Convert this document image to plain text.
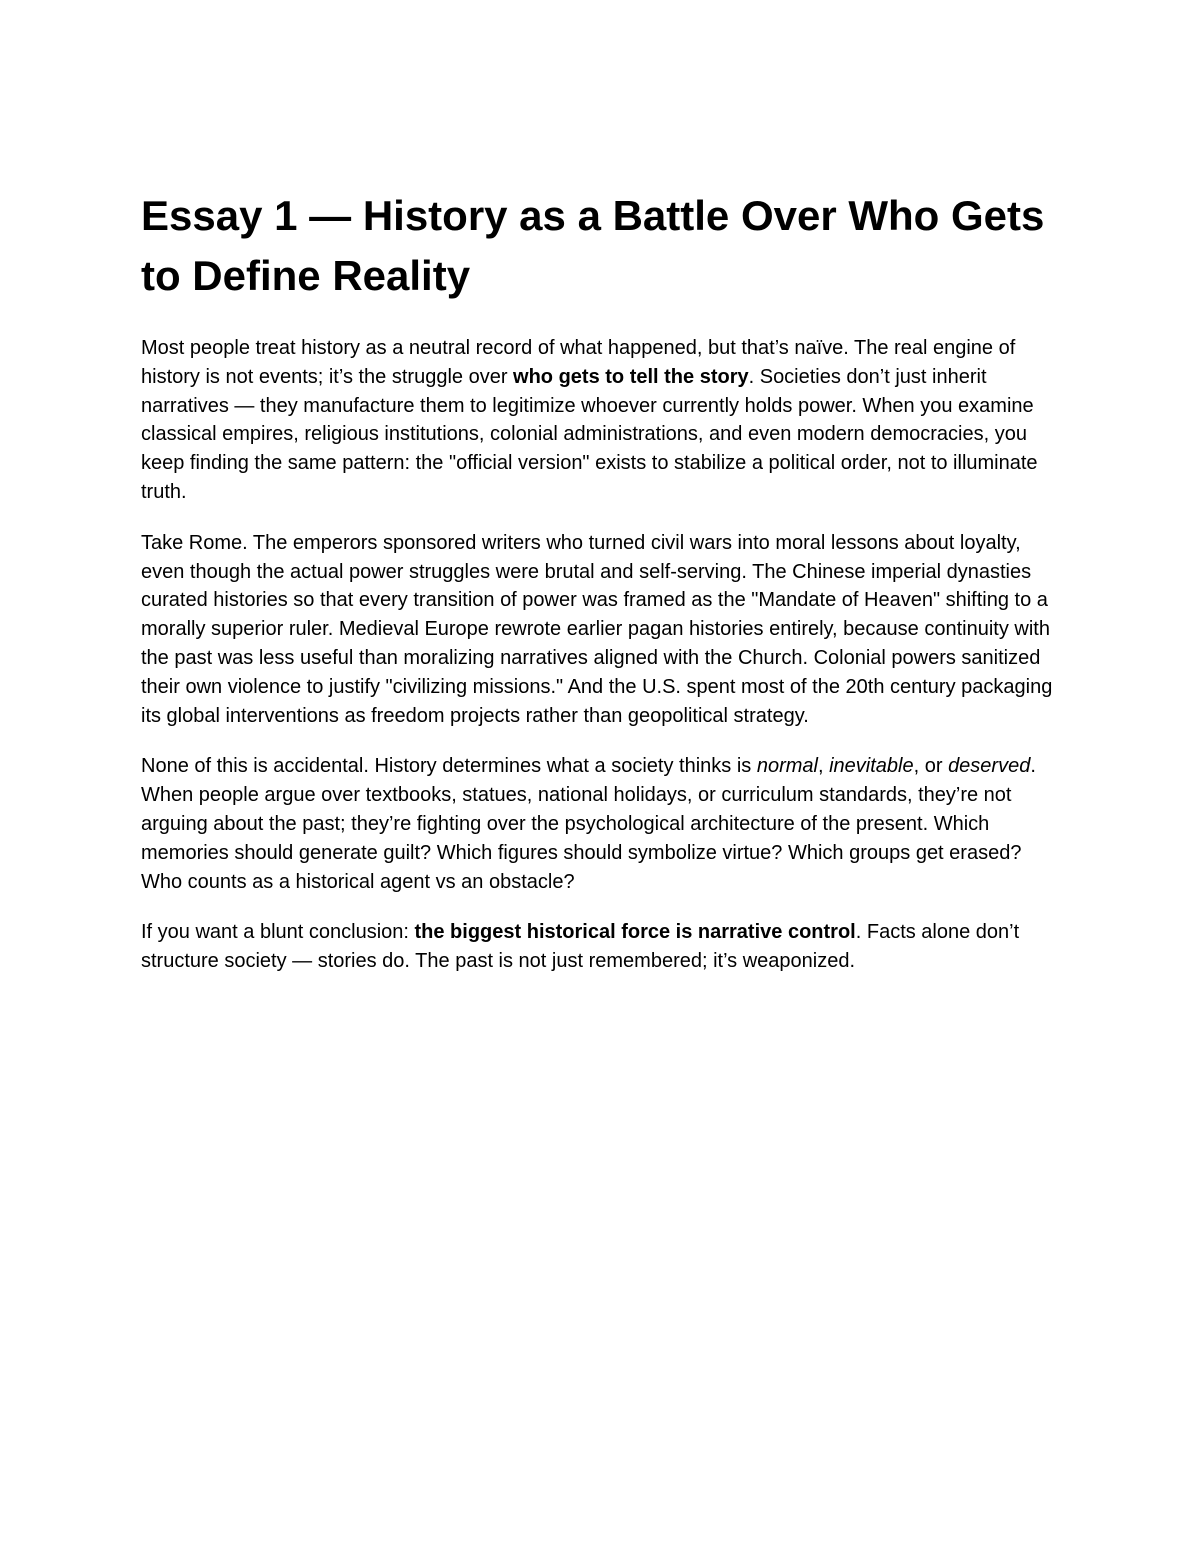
Essay 1 — History as a Battle Over Who Gets to Define Reality

Most people treat history as a neutral record of what happened, but that’s naïve. The real engine of history is not events; it’s the struggle over who gets to tell the story. Societies don’t just inherit narratives — they manufacture them to legitimize whoever currently holds power. When you examine classical empires, religious institutions, colonial administrations, and even modern democracies, you keep finding the same pattern: the "official version" exists to stabilize a political order, not to illuminate truth.

Take Rome. The emperors sponsored writers who turned civil wars into moral lessons about loyalty, even though the actual power struggles were brutal and self-serving. The Chinese imperial dynasties curated histories so that every transition of power was framed as the "Mandate of Heaven" shifting to a morally superior ruler. Medieval Europe rewrote earlier pagan histories entirely, because continuity with the past was less useful than moralizing narratives aligned with the Church. Colonial powers sanitized their own violence to justify "civilizing missions." And the U.S. spent most of the 20th century packaging its global interventions as freedom projects rather than geopolitical strategy.

None of this is accidental. History determines what a society thinks is normal, inevitable, or deserved. When people argue over textbooks, statues, national holidays, or curriculum standards, they’re not arguing about the past; they’re fighting over the psychological architecture of the present. Which memories should generate guilt? Which figures should symbolize virtue? Which groups get erased? Who counts as a historical agent vs an obstacle?

If you want a blunt conclusion: the biggest historical force is narrative control. Facts alone don’t structure society — stories do. The past is not just remembered; it’s weaponized.
